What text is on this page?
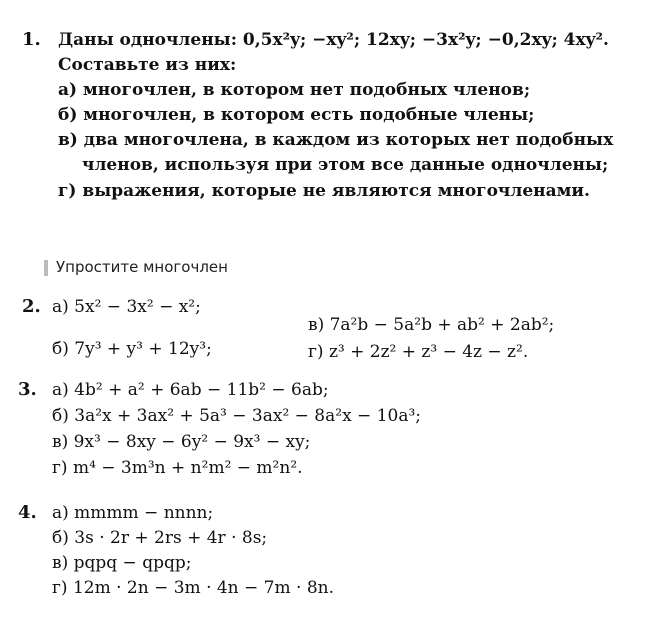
1. Даны одночлены: 0,5x²y; −xy²; 12xy; −3x²y; −0,2xy; 4xy².
Составьте из них:
а) многочлен, в котором нет подобных членов;
б) многочлен, в котором есть подобные члены;
в) два многочлена, в каждом из которых нет подобных
членов, используя при этом все данные одночлены;
г) выражения, которые не являются многочленами.
Упростите многочлен
2. а) 5x² − 3x² − x²;
б) 7y³ + y³ + 12y³;
в) 7a²b − 5a²b + ab² + 2ab²;
г) z³ + 2z² + z³ − 4z − z².
3. а) 4b² + a² + 6ab − 11b² − 6ab;
б) 3a²x + 3ax² + 5a³ − 3ax² − 8a²x − 10a³;
в) 9x³ − 8xy − 6y² − 9x³ − xy;
г) m⁴ − 3m³n + n²m² − m²n².
4. а) mmmm − nnnn;
б) 3s · 2r + 2rs + 4r · 8s;
в) pqpq − qpqp;
г) 12m · 2n − 3m · 4n − 7m · 8n.
